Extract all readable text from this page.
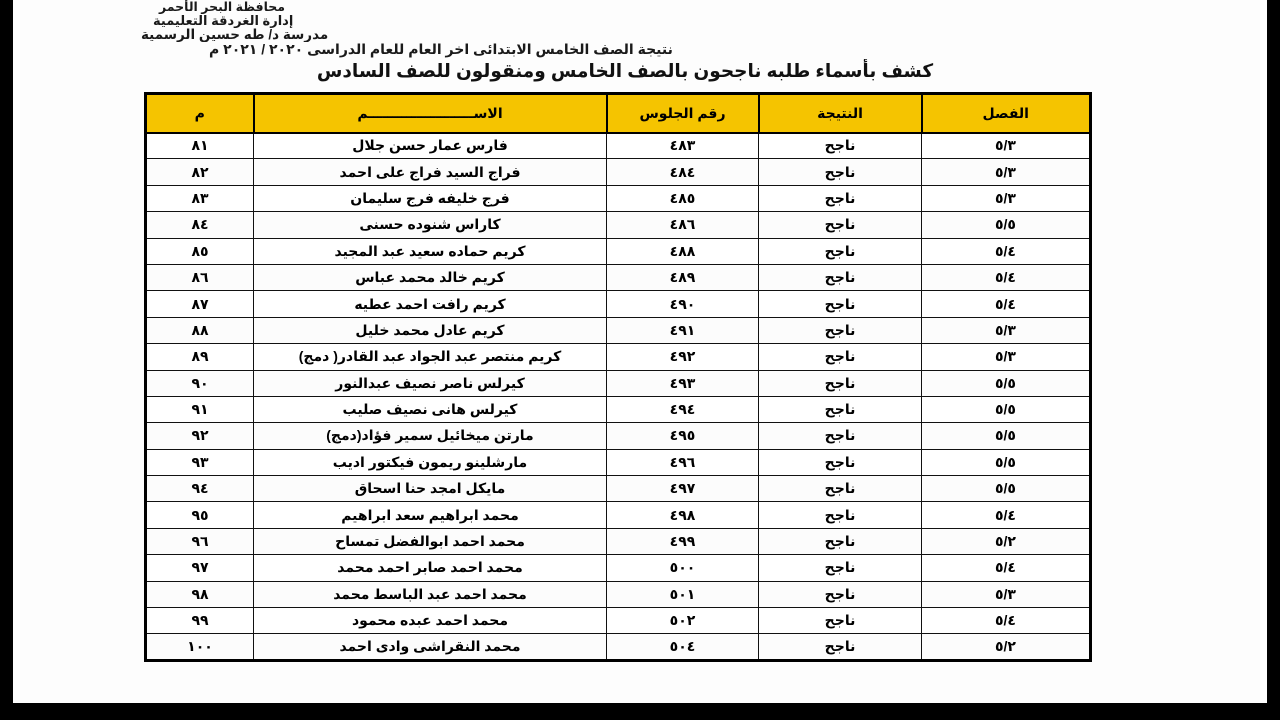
محافظة البحر الأحمر
إدارة الغردقة التعليمية
مدرسة د/ طه حسين الرسمية
نتيجة الصف الخامس الابتدائى اخر العام للعام الدراسى ٢٠٢٠ / ٢٠٢١ م
كشف بأسماء طلبه ناجحون بالصف الخامس ومنقولون للصف السادس
الفصل	النتيجة	رقم الجلوس	الاســــــــــــــــــــــم	م
٥/٣	ناجح	٤٨٣	فارس عمار حسن جلال	٨١
٥/٣	ناجح	٤٨٤	فراج السيد فراج على احمد	٨٢
٥/٣	ناجح	٤٨٥	فرج خليفه فرج سليمان	٨٣
٥/٥	ناجح	٤٨٦	كاراس شنوده حسنى	٨٤
٥/٤	ناجح	٤٨٨	كريم حماده سعيد عبد المجيد	٨٥
٥/٤	ناجح	٤٨٩	كريم خالد محمد عباس	٨٦
٥/٤	ناجح	٤٩٠	كريم رافت احمد عطيه	٨٧
٥/٣	ناجح	٤٩١	كريم عادل محمد خليل	٨٨
٥/٣	ناجح	٤٩٢	كريم منتصر عبد الجواد عبد القادر( دمج)	٨٩
٥/٥	ناجح	٤٩٣	كيرلس ناصر نصيف عبدالنور	٩٠
٥/٥	ناجح	٤٩٤	كيرلس هانى نصيف صليب	٩١
٥/٥	ناجح	٤٩٥	مارتن ميخائيل سمير فؤاد(دمج)	٩٢
٥/٥	ناجح	٤٩٦	مارشلينو ريمون فيكتور اديب	٩٣
٥/٥	ناجح	٤٩٧	مايكل امجد حنا اسحاق	٩٤
٥/٤	ناجح	٤٩٨	محمد ابراهيم سعد ابراهيم	٩٥
٥/٢	ناجح	٤٩٩	محمد احمد ابوالفضل تمساح	٩٦
٥/٤	ناجح	٥٠٠	محمد احمد صابر احمد محمد	٩٧
٥/٣	ناجح	٥٠١	محمد احمد عبد الباسط محمد	٩٨
٥/٤	ناجح	٥٠٢	محمد احمد عبده محمود	٩٩
٥/٢	ناجح	٥٠٤	محمد النقراشى وادى احمد	١٠٠
